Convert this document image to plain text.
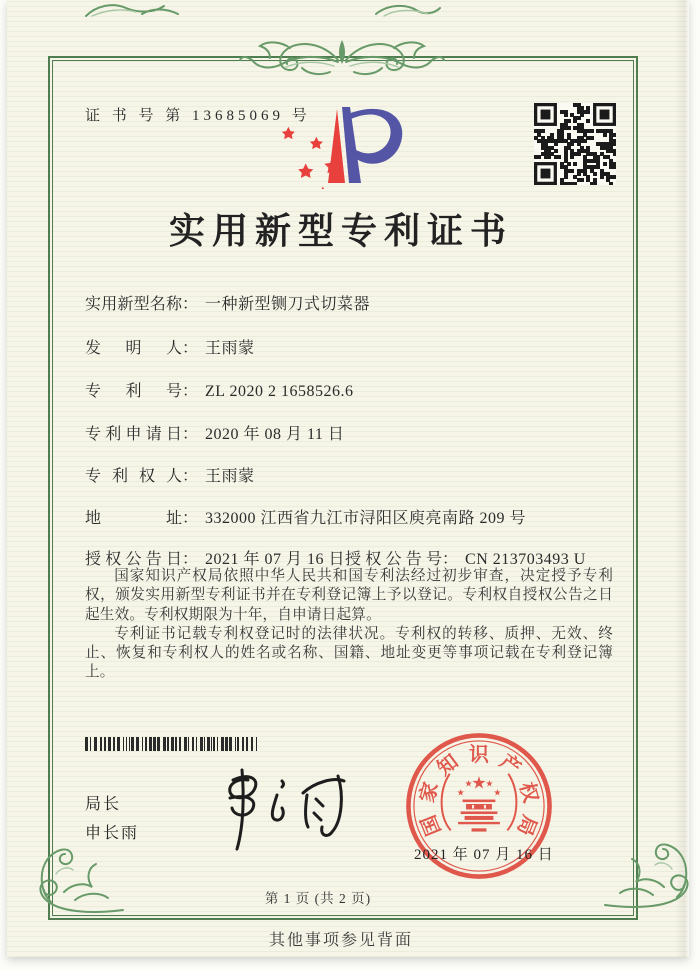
证 书 号 第 13685069 号
实用新型专利证书
实用新型名称： 一种新型铡刀式切菜器
发明人： 王雨蒙
专利号： ZL 2020 2 1658526.6
专利申请日： 2020 年 08 月 11 日
专利权人： 王雨蒙
地址： 332000 江西省九江市浔阳区庾亮南路 209 号
授权公告日： 2021 年 07 月 16 日 授权公告号： CN 213703493 U

国家知识产权局依照中华人民共和国专利法经过初步审查，决定授予专利权，颁发实用新型专利证书并在专利登记簿上予以登记。专利权自授权公告之日起生效。专利权期限为十年，自申请日起算。

专利证书记载专利权登记时的法律状况。专利权的转移、质押、无效、终止、恢复和专利权人的姓名或名称、国籍、地址变更等事项记载在专利登记簿上。

局长
申长雨	国
家
知 识 产
权
局
★
★
★ ★
★
2021 年 07 月 16 日
第 1 页 (共 2 页)
其他事项参见背面
